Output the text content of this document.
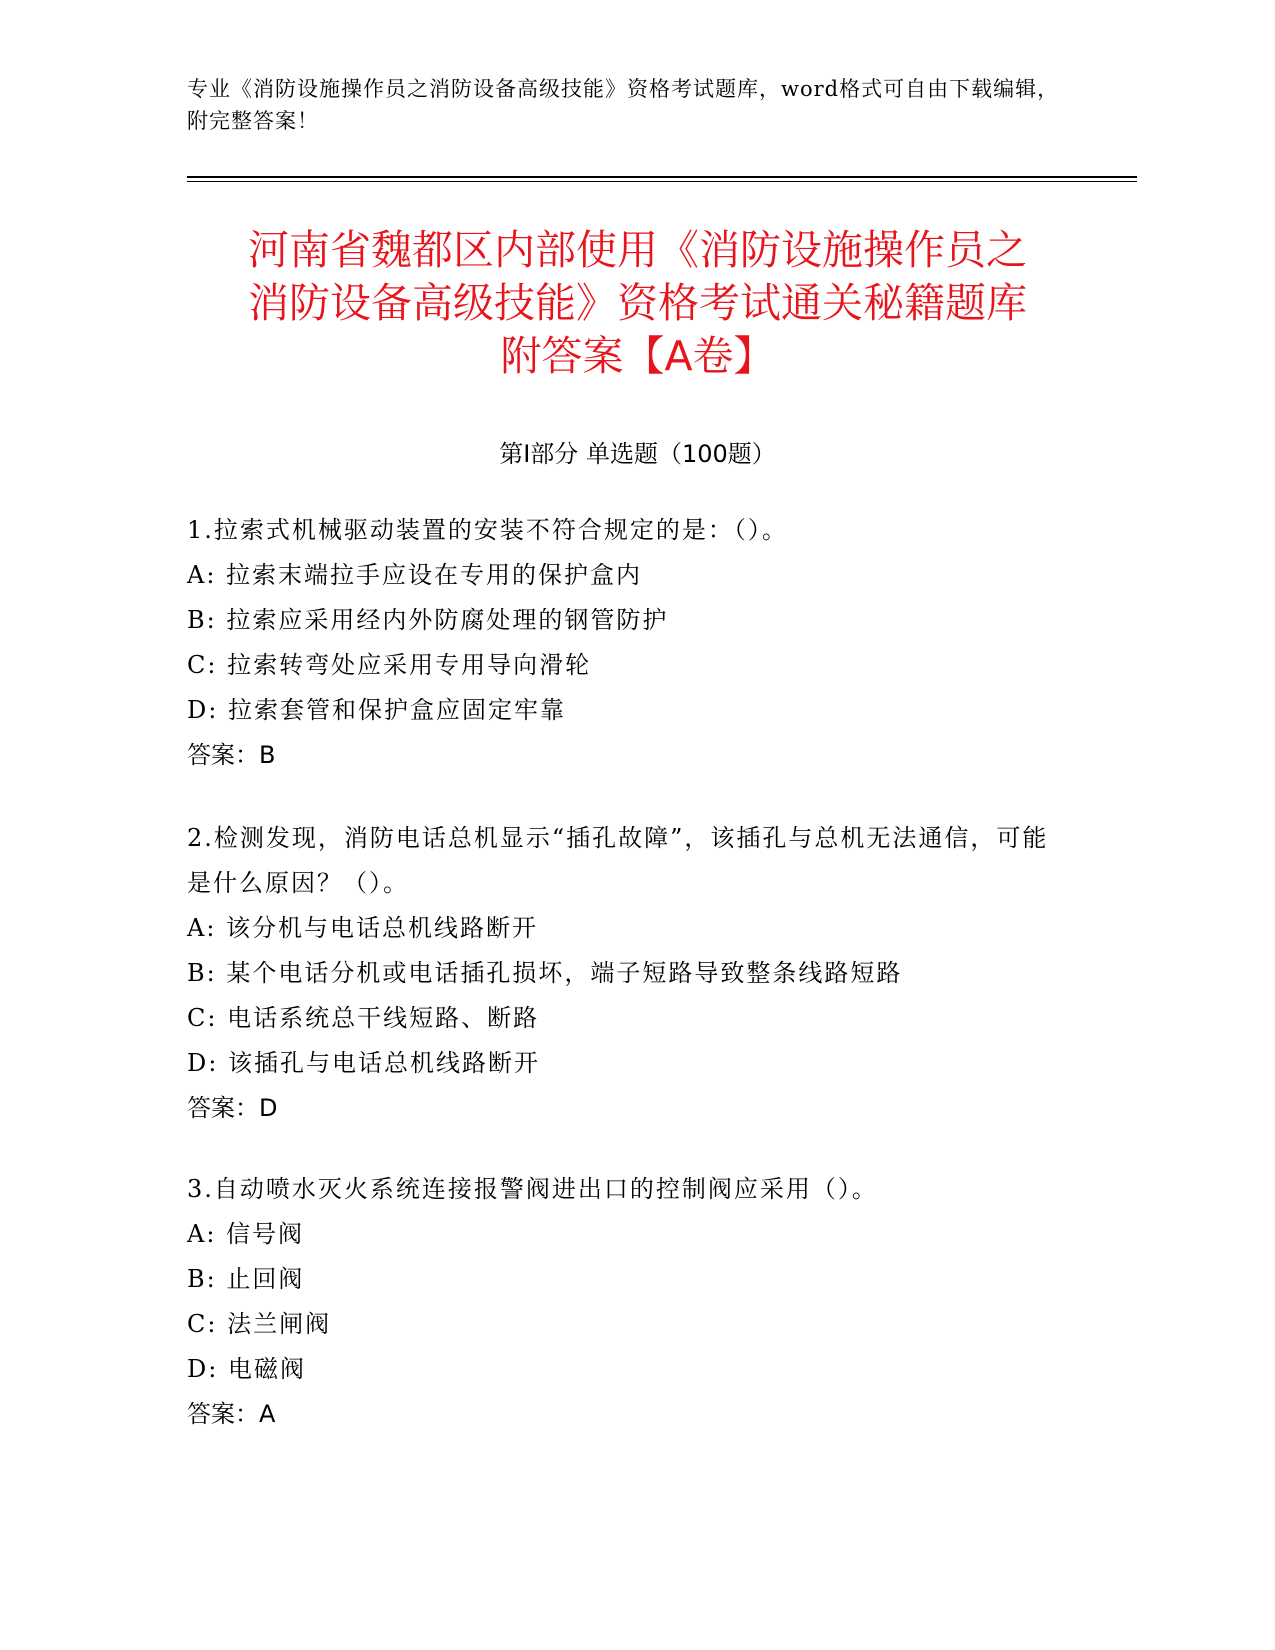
专业《消防设施操作员之消防设备高级技能》资格考试题库，word格式可自由下载编辑，附完整答案！
河南省魏都区内部使用《消防设施操作员之
消防设备高级技能》资格考试通关秘籍题库
附答案【A卷】
第Ⅰ部分 单选题（100题）

1.拉索式机械驱动装置的安装不符合规定的是：（）。

A: 拉索末端拉手应设在专用的保护盒内

B: 拉索应采用经内外防腐处理的钢管防护

C: 拉索转弯处应采用专用导向滑轮

D: 拉索套管和保护盒应固定牢靠

答案：B

2.检测发现，消防电话总机显示“插孔故障”，该插孔与总机无法通信，可能是什么原因？（）。

A: 该分机与电话总机线路断开

B: 某个电话分机或电话插孔损坏，端子短路导致整条线路短路

C: 电话系统总干线短路、断路

D: 该插孔与电话总机线路断开

答案：D

3.自动喷水灭火系统连接报警阀进出口的控制阀应采用（）。

A: 信号阀

B: 止回阀

C: 法兰闸阀

D: 电磁阀

答案：A
